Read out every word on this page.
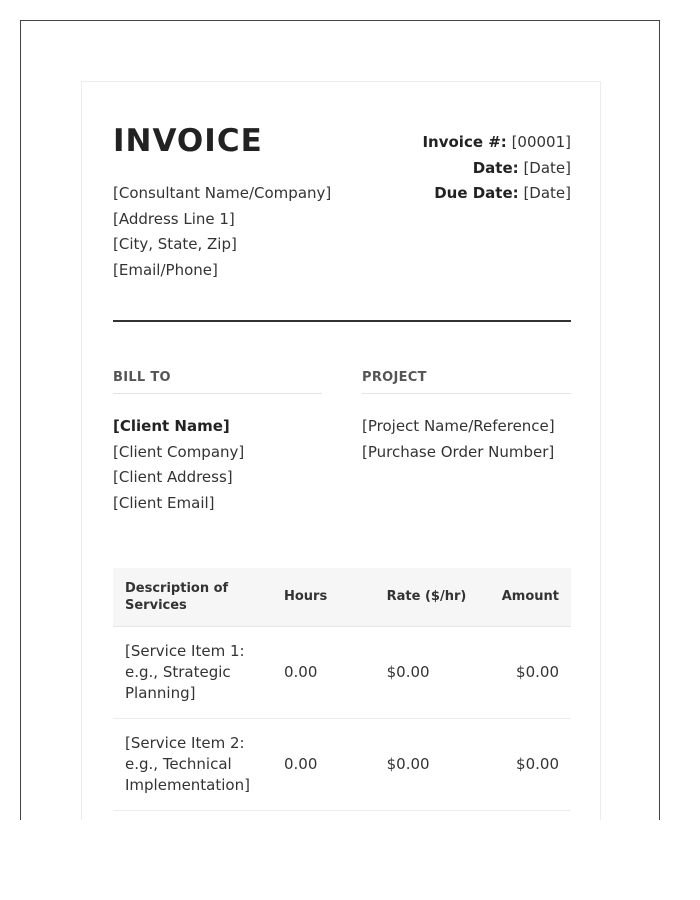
INVOICE
[Consultant Name/Company]
[Address Line 1]
[City, State, Zip]
[Email/Phone]
Invoice #: [00001]
Date: [Date]
Due Date: [Date]
BILL TO
[Client Name]
[Client Company]
[Client Address]
[Client Email]
PROJECT
[Project Name/Reference]
[Purchase Order Number]
Description of Services	Hours	Rate ($/hr)	Amount
[Service Item 1: e.g., Strategic Planning]	0.00	$0.00	$0.00
[Service Item 2: e.g., Technical Implementation]	0.00	$0.00	$0.00
